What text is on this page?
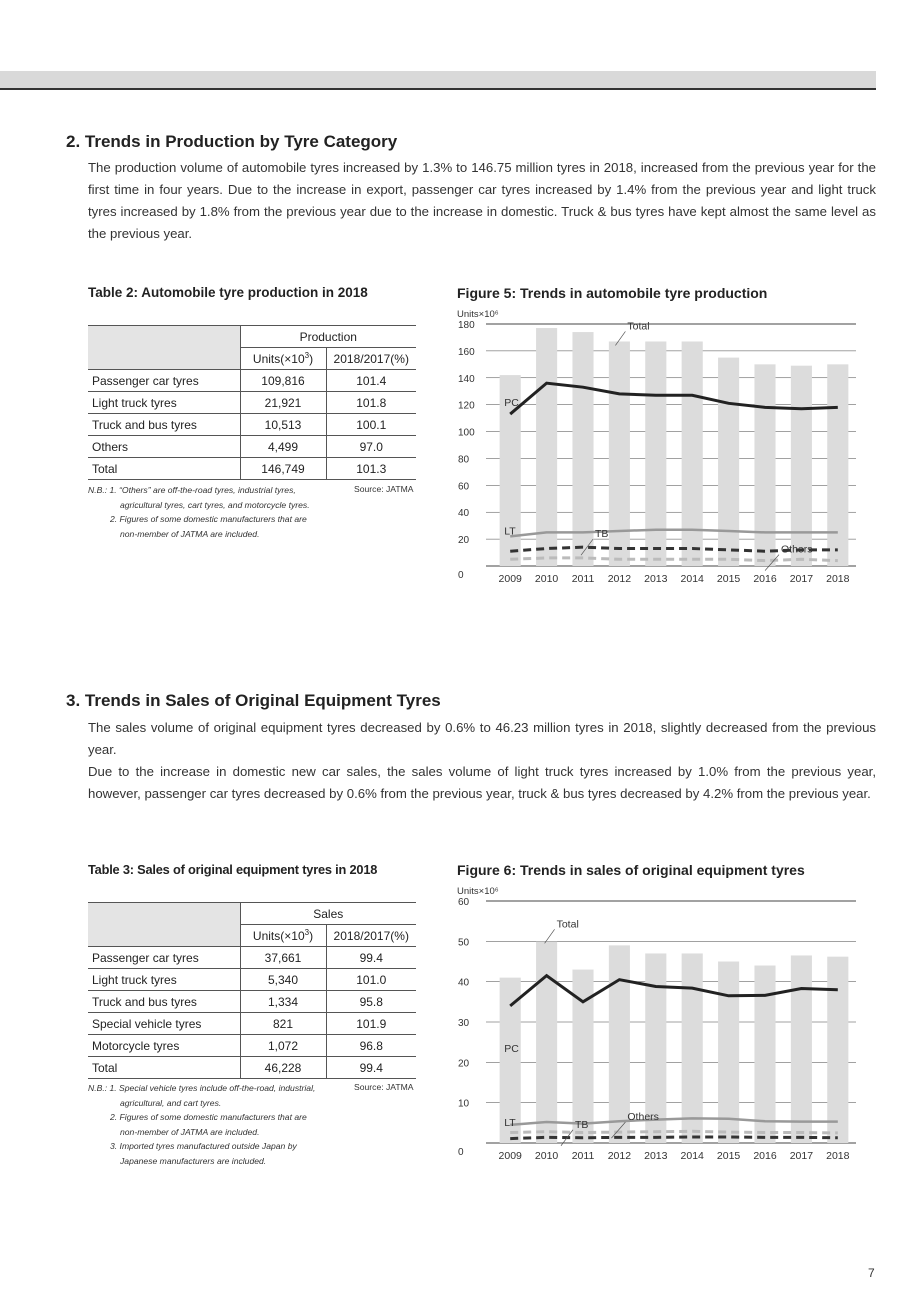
2. Trends in Production by Tyre Category

The production volume of automobile tyres increased by 1.3% to 146.75 million tyres in 2018, increased from the previous year for the first time in four years. Due to the increase in export, passenger car tyres increased by 1.4% from the previous year and light truck tyres increased by 1.8% from the previous year due to the increase in domestic. Truck & bus tyres have kept almost the same level as the previous year.

Table 2: Automobile tyre production in 2018
	Production	
	$Units(\times 10^3)$	2018/2017(%)
Passenger car tyres	109,816	101.4
Light truck tyres	21,921	101.8
Truck and bus tyres	10,513	100.1
Others	4,499	97.0
Total	146,749	101.3
N.B.: 1. “Others” are off-the-road tyres, industrial tyres,
agricultural tyres, cart tyres, and motorcycle tyres.
2. Figures of some domestic manufacturers that are
non-member of JATMA are included.
Source: JATMA
Figure 5: Trends in automobile tyre production
Units×10⁶
0
20
40
60
80
100
120
140
160
180
2009 2010 2011 2012 2013 2014 2015 2016 2017 2018
Total
PC
LT	TB
Others
3. Trends in Sales of Original Equipment Tyres

The sales volume of original equipment tyres decreased by 0.6% to 46.23 million tyres in 2018, slightly decreased from the previous year.

Due to the increase in domestic new car sales, the sales volume of light truck tyres increased by 1.0% from the previous year, however, passenger car tyres decreased by 0.6% from the previous year, truck & bus tyres decreased by 4.2% from the previous year.

Table 3: Sales of original equipment tyres in 2018
	Sales	
	$Units(\times 10^3)$	2018/2017(%)
Passenger car tyres	37,661	99.4
Light truck tyres	5,340	101.0
Truck and bus tyres	1,334	95.8
Special vehicle tyres	821	101.9
Motorcycle tyres	1,072	96.8
Total	46,228	99.4
N.B.: 1. Special vehicle tyres include off-the-road, industrial,
agricultural, and cart tyres.
2. Figures of some domestic manufacturers that are
non-member of JATMA are included.
3. Imported tyres manufactured outside Japan by
Japanese manufacturers are included.
Source: JATMA
Figure 6: Trends in sales of original equipment tyres
Units×10⁶
0
10
20
30
40
50
60
2009 2010 2011 2012 2013 2014 2015 2016 2017 2018
Total
PC
LT	TB
Others
7
